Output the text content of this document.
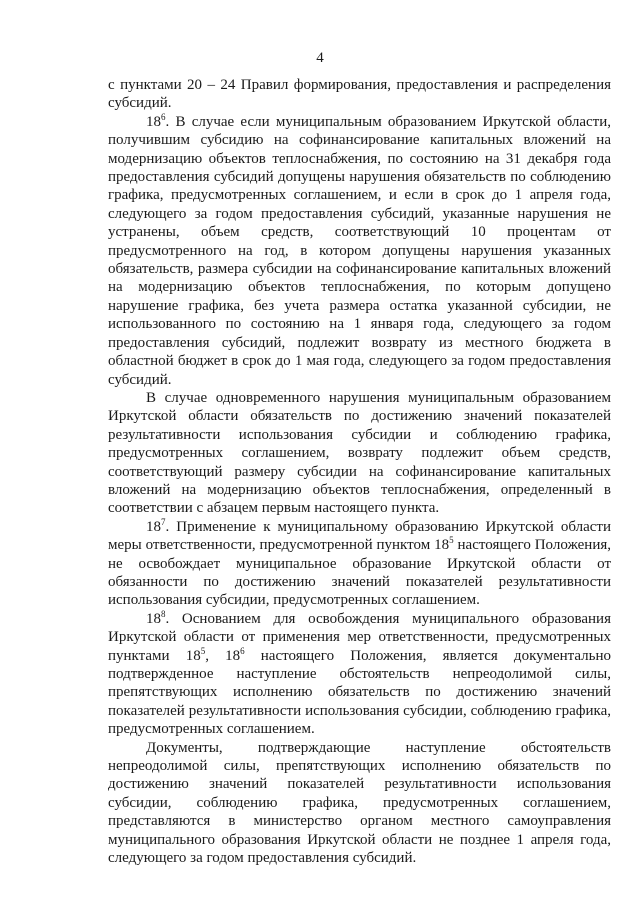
4

с пунктами 20 – 24 Правил формирования, предоставления и распределения субсидий.

$18^6$. В случае если муниципальным образованием Иркутской области, получившим субсидию на софинансирование капитальных вложений на модернизацию объектов теплоснабжения, по состоянию на 31 декабря года предоставления субсидий допущены нарушения обязательств по соблюдению графика, предусмотренных соглашением, и если в срок до 1 апреля года, следующего за годом предоставления субсидий, указанные нарушения не устранены, объем средств, соответствующий 10 процентам от предусмотренного на год, в котором допущены нарушения указанных обязательств, размера субсидии на софинансирование капитальных вложений на модернизацию объектов теплоснабжения, по которым допущено нарушение графика, без учета размера остатка указанной субсидии, не использованного по состоянию на 1 января года, следующего за годом предоставления субсидий, подлежит возврату из местного бюджета в областной бюджет в срок до 1 мая года, следующего за годом предоставления субсидий.

В случае одновременного нарушения муниципальным образованием Иркутской области обязательств по достижению значений показателей результативности использования субсидии и соблюдению графика, предусмотренных соглашением, возврату подлежит объем средств, соответствующий размеру субсидии на софинансирование капитальных вложений на модернизацию объектов теплоснабжения, определенный в соответствии с абзацем первым настоящего пункта.

$18^7$. Применение к муниципальному образованию Иркутской области меры ответственности, предусмотренной пунктом $18^5$ настоящего Положения, не освобождает муниципальное образование Иркутской области от обязанности по достижению значений показателей результативности использования субсидии, предусмотренных соглашением.

$18^8$. Основанием для освобождения муниципального образования Иркутской области от применения мер ответственности, предусмотренных пунктами $18^5$, $18^6$ настоящего Положения, является документально подтвержденное наступление обстоятельств непреодолимой силы, препятствующих исполнению обязательств по достижению значений показателей результативности использования субсидии, соблюдению графика, предусмотренных соглашением.

Документы, подтверждающие наступление обстоятельств непреодолимой силы, препятствующих исполнению обязательств по достижению значений показателей результативности использования субсидии, соблюдению графика, предусмотренных соглашением, представляются в министерство органом местного самоуправления муниципального образования Иркутской области не позднее 1 апреля года, следующего за годом предоставления субсидий.
